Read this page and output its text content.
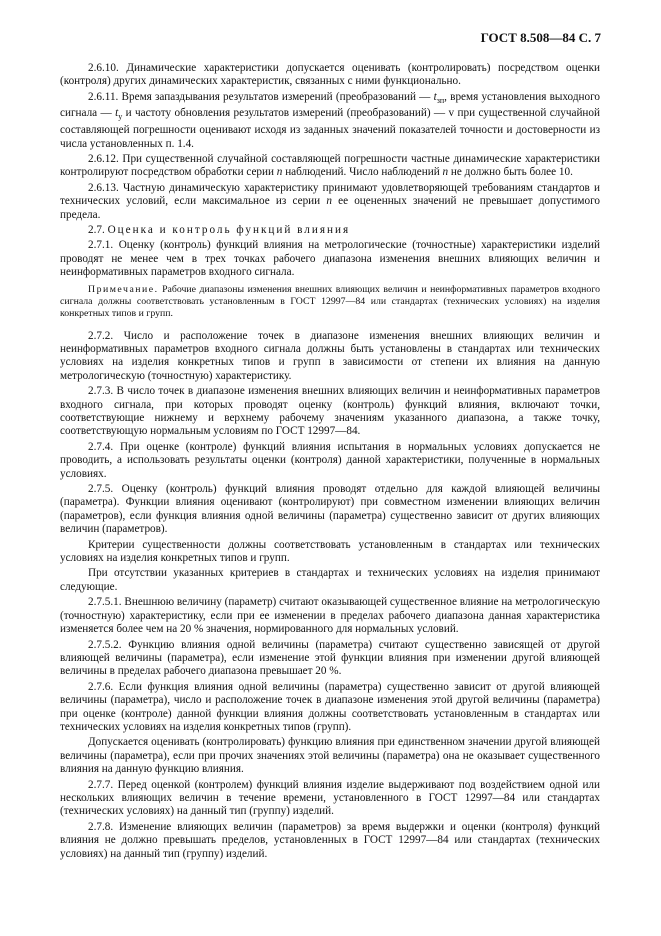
ГОСТ 8.508—84 С. 7

2.6.10. Динамические характеристики допускается оценивать (контролировать) посредством оценки (контроля) других динамических характеристик, связанных с ними функционально.

2.6.11. Время запаздывания результатов измерений (преобразований — $t_{зп}$, время установления выходного сигнала — $t_у$ и частоту обновления результатов измерений (преобразований) — v при существенной случайной составляющей погрешности оценивают исходя из заданных значений показателей точности и достоверности из числа установленных п. 1.4.

2.6.12. При существенной случайной составляющей погрешности частные динамические характеристики контролируют посредством обработки серии n наблюдений. Число наблюдений n не должно быть более 10.

2.6.13. Частную динамическую характеристику принимают удовлетворяющей требованиям стандартов и технических условий, если максимальное из серии n ее оцененных значений не превышает допустимого предела.

2.7. Оценка и контроль функций влияния

2.7.1. Оценку (контроль) функций влияния на метрологические (точностные) характеристики изделий проводят не менее чем в трех точках рабочего диапазона изменения внешних влияющих величин и неинформативных параметров входного сигнала.

Примечание. Рабочие диапазоны изменения внешних влияющих величин и неинформативных параметров входного сигнала должны соответствовать установленным в ГОСТ 12997—84 или стандартах (технических условиях) на изделия конкретных типов и групп.

2.7.2. Число и расположение точек в диапазоне изменения внешних влияющих величин и неинформативных параметров входного сигнала должны быть установлены в стандартах или технических условиях на изделия конкретных типов и групп в зависимости от степени их влияния на данную метрологическую (точностную) характеристику.

2.7.3. В число точек в диапазоне изменения внешних влияющих величин и неинформативных параметров входного сигнала, при которых проводят оценку (контроль) функций влияния, включают точки, соответствующие нижнему и верхнему рабочему значениям указанного диапазона, а также точку, соответствующую нормальным условиям по ГОСТ 12997—84.

2.7.4. При оценке (контроле) функций влияния испытания в нормальных условиях допускается не проводить, а использовать результаты оценки (контроля) данной характеристики, полученные в нормальных условиях.

2.7.5. Оценку (контроль) функций влияния проводят отдельно для каждой влияющей величины (параметра). Функции влияния оценивают (контролируют) при совместном изменении влияющих величин (параметров), если функция влияния одной величины (параметра) существенно зависит от других влияющих величин (параметров).

Критерии существенности должны соответствовать установленным в стандартах или технических условиях на изделия конкретных типов и групп.

При отсутствии указанных критериев в стандартах и технических условиях на изделия принимают следующие.

2.7.5.1. Внешнюю величину (параметр) считают оказывающей существенное влияние на метрологическую (точностную) характеристику, если при ее изменении в пределах рабочего диапазона данная характеристика изменяется более чем на 20 % значения, нормированного для нормальных условий.

2.7.5.2. Функцию влияния одной величины (параметра) считают существенно зависящей от другой влияющей величины (параметра), если изменение этой функции влияния при изменении другой влияющей величины в пределах рабочего диапазона превышает 20 %.

2.7.6. Если функция влияния одной величины (параметра) существенно зависит от другой влияющей величины (параметра), число и расположение точек в диапазоне изменения этой другой величины (параметра) при оценке (контроле) данной функции влияния должны соответствовать установленным в стандартах или технических условиях на изделия конкретных типов (групп).

Допускается оценивать (контролировать) функцию влияния при единственном значении другой влияющей величины (параметра), если при прочих значениях этой величины (параметра) она не оказывает существенного влияния на данную функцию влияния.

2.7.7. Перед оценкой (контролем) функций влияния изделие выдерживают под воздействием одной или нескольких влияющих величин в течение времени, установленного в ГОСТ 12997—84 или стандартах (технических условиях) на данный тип (группу) изделий.

2.7.8. Изменение влияющих величин (параметров) за время выдержки и оценки (контроля) функций влияния не должно превышать пределов, установленных в ГОСТ 12997—84 или стандартах (технических условиях) на данный тип (группу) изделий.
